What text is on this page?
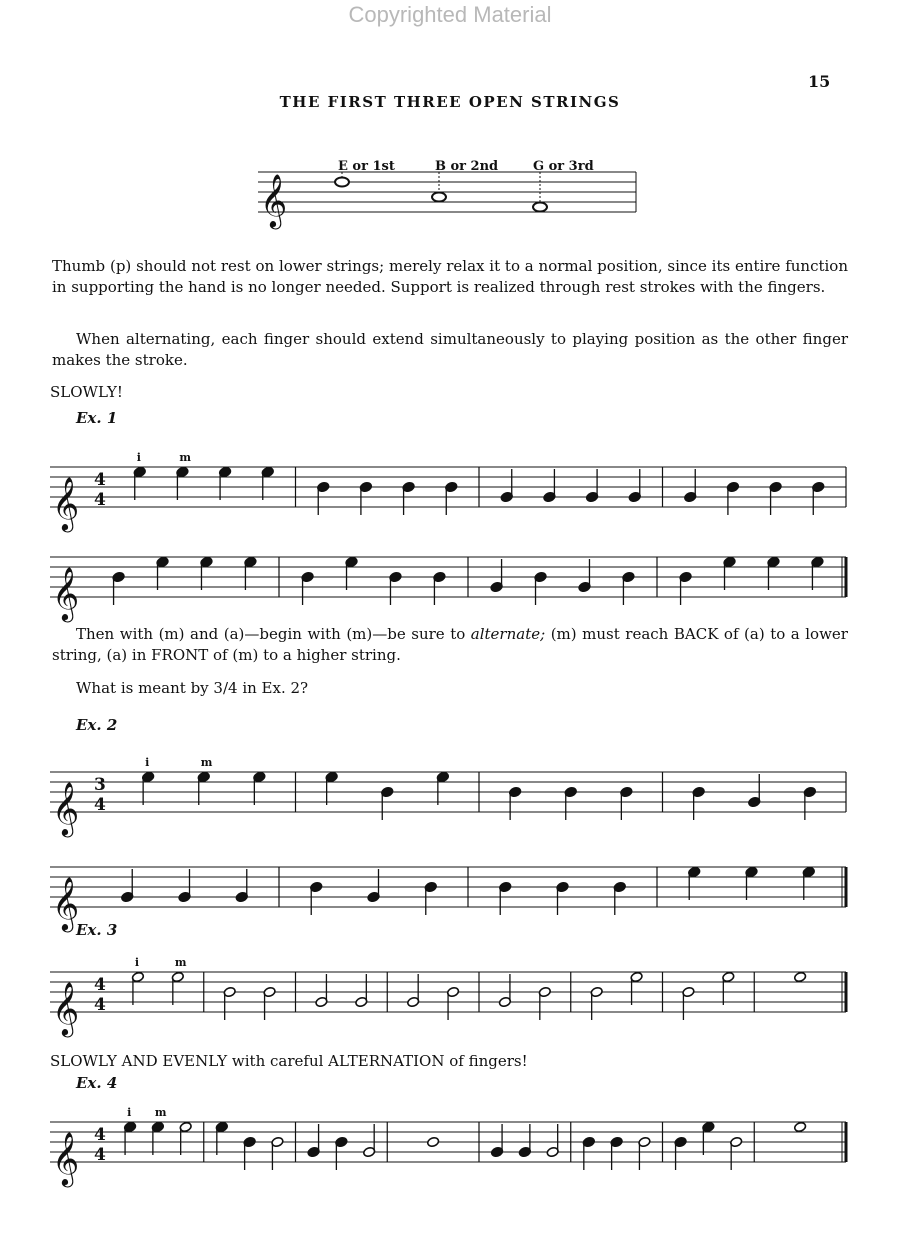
Copyrighted Material
15
THE FIRST THREE OPEN STRINGS
𝄞
E or 1st	B or 2nd	G or 3rd
Thumb (p) should not rest on lower strings; merely relax it to a normal position, since its entire function in supporting the hand is no longer needed. Support is realized through rest strokes with the fingers.
When alternating, each finger should extend simultaneously to playing position as the other finger makes the stroke.
SLOWLY!
Ex. 1
𝄞 4
4
i	m
𝄞
Then with (m) and (a)—begin with (m)—be sure to alternate; (m) must reach BACK of (a) to a lower string, (a) in FRONT of (m) to a higher string.
What is meant by 3/4 in Ex. 2?
Ex. 2
𝄞 3
4
i	m
𝄞
Ex. 3
𝄞 4
4
i	m
SLOWLY AND EVENLY with careful ALTERNATION of fingers!
Ex. 4
𝄞 4
4
i m
